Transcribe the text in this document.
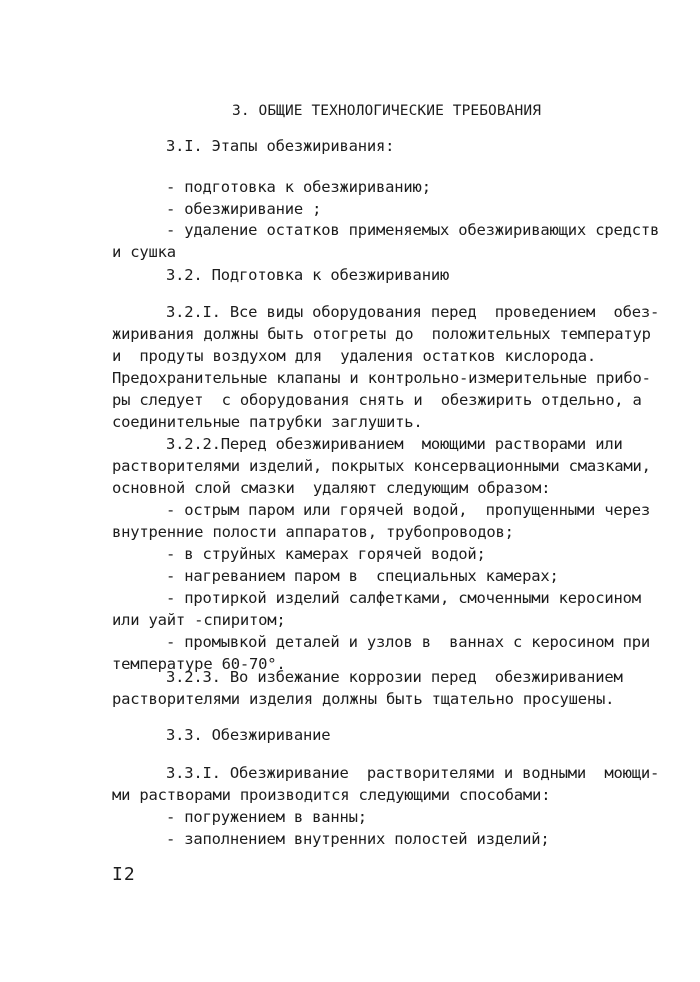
3. ОБЩИЕ ТЕХНОЛОГИЧЕСКИЕ ТРЕБОВАНИЯ
3.I. Этапы обезжиривания:
- подготовка к обезжириванию;
- обезжиривание ;
- удаление остатков применяемых обезжиривающих средств
и сушка
3.2. Подготовка к обезжириванию
3.2.I. Все виды оборудования перед  проведением  обез-
жиривания должны быть отогреты до  положительных температур
и  продуты воздухом для  удаления остатков кислорода.
Предохранительные клапаны и контрольно-измерительные прибо-
ры следует  с оборудования снять и  обезжирить отдельно, а
соединительные патрубки заглушить.
3.2.2.Перед обезжириванием  моющими растворами или
растворителями изделий, покрытых консервационными смазками,
основной слой смазки  удаляют следующим образом:
- острым паром или горячей водой,  пропущенными через
внутренние полости аппаратов, трубопроводов;
- в струйных камерах горячей водой;
- нагреванием паром в  специальных камерах;
- протиркой изделий салфетками, смоченными керосином
или уайт -спиритом;
- промывкой деталей и узлов в  ваннах с керосином при
температуре 60-70°.
3.2.3. Во избежание коррозии перед  обезжириванием
растворителями изделия должны быть тщательно просушены.
3.3. Обезжиривание
3.3.I. Обезжиривание  растворителями и водными  моющи-
ми растворами производится следующими способами:
- погружением в ванны;
- заполнением внутренних полостей изделий;
I2
